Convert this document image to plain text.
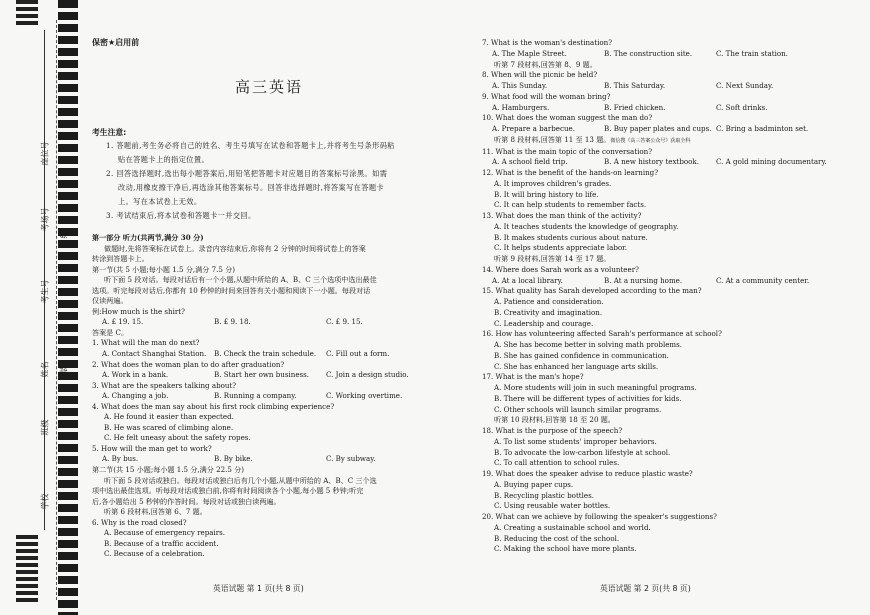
座位号
考场号
考生号
姓名
班级
学校
线
订
装
保密★启用前
高三英语
考生注意:
1. 答题前,考生务必将自己的姓名、考生号填写在试卷和答题卡上,并将考生号条形码粘
贴在答题卡上的指定位置。
2. 回答选择题时,选出每小题答案后,用铅笔把答题卡对应题目的答案标号涂黑。如需
改动,用橡皮擦干净后,再选涂其他答案标号。回答非选择题时,将答案写在答题卡
上。写在本试卷上无效。
3. 考试结束后,将本试卷和答题卡一并交回。
第一部分 听力(共两节,满分 30 分)
做题时,先将答案标在试卷上。录音内容结束后,你将有 2 分钟的时间将试卷上的答案
转涂到答题卡上。
第一节(共 5 小题;每小题 1.5 分,满分 7.5 分)
听下面 5 段对话。每段对话后有一个小题,从题中所给的 A、B、C 三个选项中选出最佳
选项。听完每段对话后,你都有 10 秒钟的时间来回答有关小题和阅读下一小题。每段对话
仅读两遍。
例:How much is the shirt?
A. £ 19. 15.	B. £ 9. 18.	C. £ 9. 15.
答案是 C。
1. What will the man do next?
A. Contact Shanghai Station.	B. Check the train schedule.	C. Fill out a form.
2. What does the woman plan to do after graduation?
A. Work in a bank.	B. Start her own business.	C. Join a design studio.
3. What are the speakers talking about?
A. Changing a job.	B. Running a company.	C. Working overtime.
4. What does the man say about his first rock climbing experience?
A. He found it easier than expected.
B. He was scared of climbing alone.
C. He felt uneasy about the safety ropes.
5. How will the man get to work?
A. By bus.	B. By bike.	C. By subway.
第二节(共 15 小题;每小题 1.5 分,满分 22.5 分)
听下面 5 段对话或独白。每段对话或独白后有几个小题,从题中所给的 A、B、C 三个选
项中选出最佳选项。听每段对话或独白前,你将有时间阅读各个小题,每小题 5 秒钟;听完
后,各小题给出 5 秒钟的作答时间。每段对话或独白读两遍。
听第 6 段材料,回答第 6、7 题。
6. Why is the road closed?
A. Because of emergency repairs.
B. Because of a traffic accident.
C. Because of a celebration.
7. What is the woman's destination?
A. The Maple Street.	B. The construction site.	C. The train station.
听第 7 段材料,回答第 8、9 题。
8. When will the picnic be held?
A. This Sunday.	B. This Saturday.	C. Next Sunday.
9. What food will the woman bring?
A. Hamburgers.	B. Fried chicken.	C. Soft drinks.
10. What does the woman suggest the man do?
A. Prepare a barbecue.	B. Buy paper plates and cups. C. Bring a badminton set.
听第 8 段材料,回答第 11 至 13 题。微信搜《高三答案公众号》获取全科
11. What is the main topic of the conversation?
A. A school field trip.	B. A new history textbook.	C. A gold mining documentary.
12. What is the benefit of the hands-on learning?
A. It improves children's grades.
B. It will bring history to life.
C. It can help students to remember facts.
13. What does the man think of the activity?
A. It teaches students the knowledge of geography.
B. It makes students curious about nature.
C. It helps students appreciate labor.
听第 9 段材料,回答第 14 至 17 题。
14. Where does Sarah work as a volunteer?
A. At a local library.	B. At a nursing home.	C. At a community center.
15. What quality has Sarah developed according to the man?
A. Patience and consideration.
B. Creativity and imagination.
C. Leadership and courage.
16. How has volunteering affected Sarah's performance at school?
A. She has become better in solving math problems.
B. She has gained confidence in communication.
C. She has enhanced her language arts skills.
17. What is the man's hope?
A. More students will join in such meaningful programs.
B. There will be different types of activities for kids.
C. Other schools will launch similar programs.
听第 10 段材料,回答第 18 至 20 题。
18. What is the purpose of the speech?
A. To list some students' improper behaviors.
B. To advocate the low-carbon lifestyle at school.
C. To call attention to school rules.
19. What does the speaker advise to reduce plastic waste?
A. Buying paper cups.
B. Recycling plastic bottles.
C. Using reusable water bottles.
20. What can we achieve by following the speaker's suggestions?
A. Creating a sustainable school and world.
B. Reducing the cost of the school.
C. Making the school have more plants.
英语试题 第 1 页(共 8 页)	英语试题 第 2 页(共 8 页)
